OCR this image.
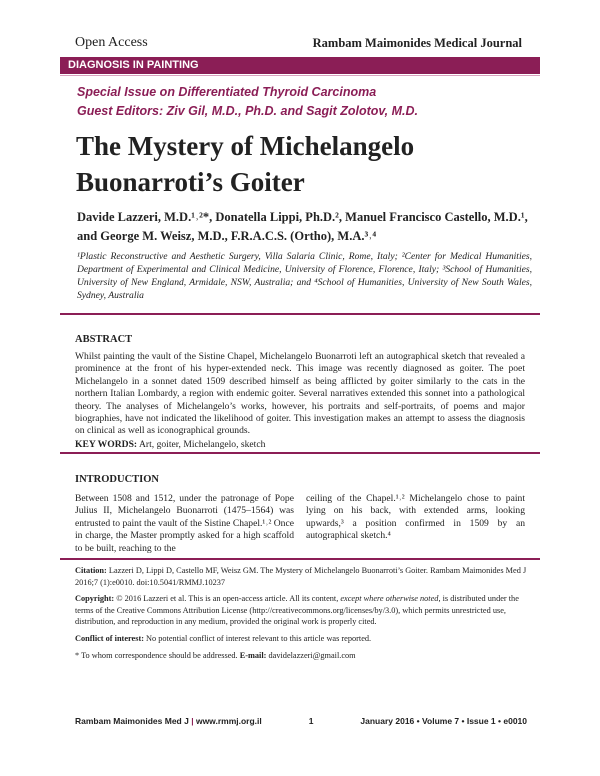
Open Access	Rambam Maimonides Medical Journal
DIAGNOSIS IN PAINTING
Special Issue on Differentiated Thyroid Carcinoma
Guest Editors: Ziv Gil, M.D., Ph.D. and Sagit Zolotov, M.D.
The Mystery of Michelangelo Buonarroti’s Goiter
Davide Lazzeri, M.D.¹˒²*, Donatella Lippi, Ph.D.², Manuel Francisco Castello, M.D.¹, and George M. Weisz, M.D., F.R.A.C.S. (Ortho), M.A.³˒⁴
¹Plastic Reconstructive and Aesthetic Surgery, Villa Salaria Clinic, Rome, Italy; ²Center for Medical Humanities, Department of Experimental and Clinical Medicine, University of Florence, Florence, Italy; ³School of Humanities, University of New England, Armidale, NSW, Australia; and ⁴School of Humanities, University of New South Wales, Sydney, Australia
ABSTRACT

Whilst painting the vault of the Sistine Chapel, Michelangelo Buonarroti left an autographical sketch that revealed a prominence at the front of his hyper-extended neck. This image was recently diagnosed as goiter. The poet Michelangelo in a sonnet dated 1509 described himself as being afflicted by goiter similarly to the cats in the northern Italian Lombardy, a region with endemic goiter. Several narratives extended this sonnet into a pathological theory. The analyses of Michelangelo’s works, however, his portraits and self-portraits, of poems and major biographies, have not indicated the likelihood of goiter. This investigation makes an attempt to assess the diagnosis on clinical as well as iconographical grounds.

KEY WORDS: Art, goiter, Michelangelo, sketch
INTRODUCTION

Between 1508 and 1512, under the patronage of Pope Julius II, Michelangelo Buonarroti (1475–1564) was entrusted to paint the vault of the Sistine Chapel.¹˒² Once in charge, the Master promptly asked for a high scaffold to be built, reaching to the

ceiling of the Chapel.¹˒² Michelangelo chose to paint lying on his back, with extended arms, looking upwards,³ a position confirmed in 1509 by an autographical sketch.⁴

Citation: Lazzeri D, Lippi D, Castello MF, Weisz GM. The Mystery of Michelangelo Buonarroti’s Goiter. Rambam Maimonides Med J 2016;7 (1):e0010. doi:10.5041/RMMJ.10237

Copyright: © 2016 Lazzeri et al. This is an open-access article. All its content, except where otherwise noted, is distributed under the terms of the Creative Commons Attribution License (http://creativecommons.org/licenses/by/3.0), which permits unrestricted use, distribution, and reproduction in any medium, provided the original work is properly cited.

Conflict of interest: No potential conflict of interest relevant to this article was reported.

* To whom correspondence should be addressed. E-mail: davidelazzeri@gmail.com

Rambam Maimonides Med J | www.rmmj.org.il	1	January 2016 • Volume 7 • Issue 1 • e0010
